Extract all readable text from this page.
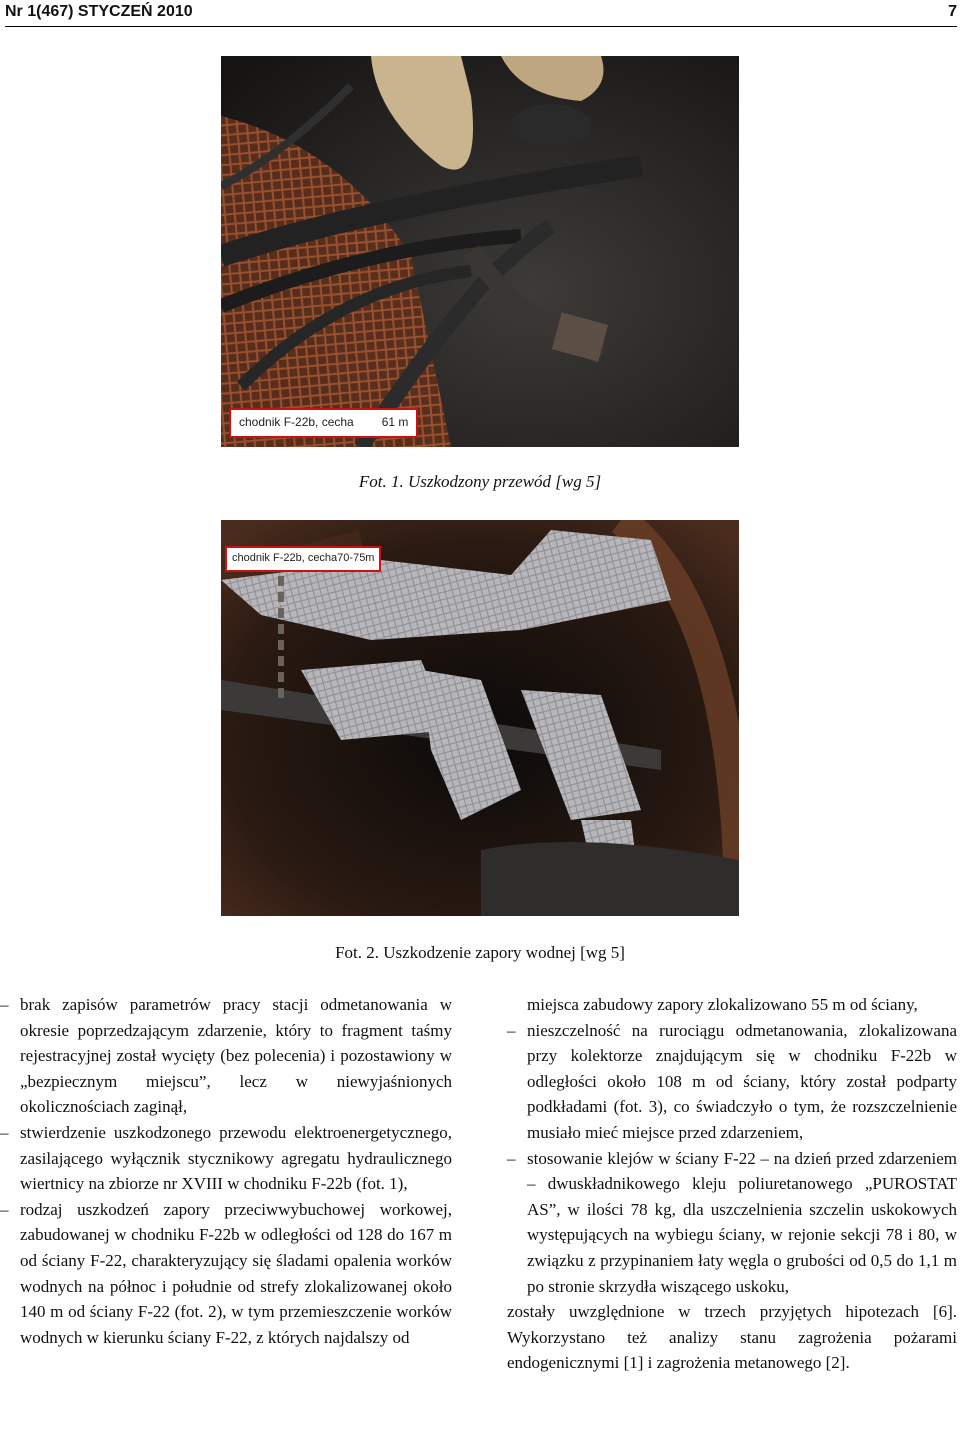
Nr 1(467) STYCZEŃ 2010	7
chodnik F-22b, cecha 61 m
Fot. 1. Uszkodzony przewód [wg 5]
chodnik F-22b, cecha70-75m
Fot. 2. Uszkodzenie zapory wodnej [wg 5]
– brak zapisów parametrów pracy stacji odmetanowania w okresie poprzedzającym zdarzenie, który to fragment taśmy rejestracyjnej został wycięty (bez polecenia) i pozostawiony w „bezpiecznym miejscu”, lecz w niewyjaśnionych okolicznościach zaginął,
– stwierdzenie uszkodzonego przewodu elektroenergetycznego, zasilającego wyłącznik stycznikowy agregatu hydraulicznego wiertnicy na zbiorze nr XVIII w chodniku F-22b (fot. 1),
– rodzaj uszkodzeń zapory przeciwwybuchowej workowej, zabudowanej w chodniku F-22b w odległości od 128 do 167 m od ściany F-22, charakteryzujący się śladami opalenia worków wodnych na północ i południe od strefy zlokalizowanej około 140 m od ściany F-22 (fot. 2), w tym przemieszczenie worków wodnych w kierunku ściany F-22, z których najdalszy od
miejsca zabudowy zapory zlokalizowano 55 m od ściany,
– nieszczelność na rurociągu odmetanowania, zlokalizowana przy kolektorze znajdującym się w chodniku F-22b w odległości około 108 m od ściany, który został podparty podkładami (fot. 3), co świadczyło o tym, że rozszczelnienie musiało mieć miejsce przed zdarzeniem,
– stosowanie klejów w ściany F-22 – na dzień przed zdarzeniem – dwuskładnikowego kleju poliuretanowego „PUROSTAT AS”, w ilości 78 kg, dla uszczelnienia szczelin uskokowych występujących na wybiegu ściany, w rejonie sekcji 78 i 80, w związku z przypinaniem łaty węgla o grubości od 0,5 do 1,1 m po stronie skrzydła wiszącego uskoku,
zostały uwzględnione w trzech przyjętych hipotezach [6]. Wykorzystano też analizy stanu zagrożenia pożarami endogenicznymi [1] i zagrożenia metanowego [2].
